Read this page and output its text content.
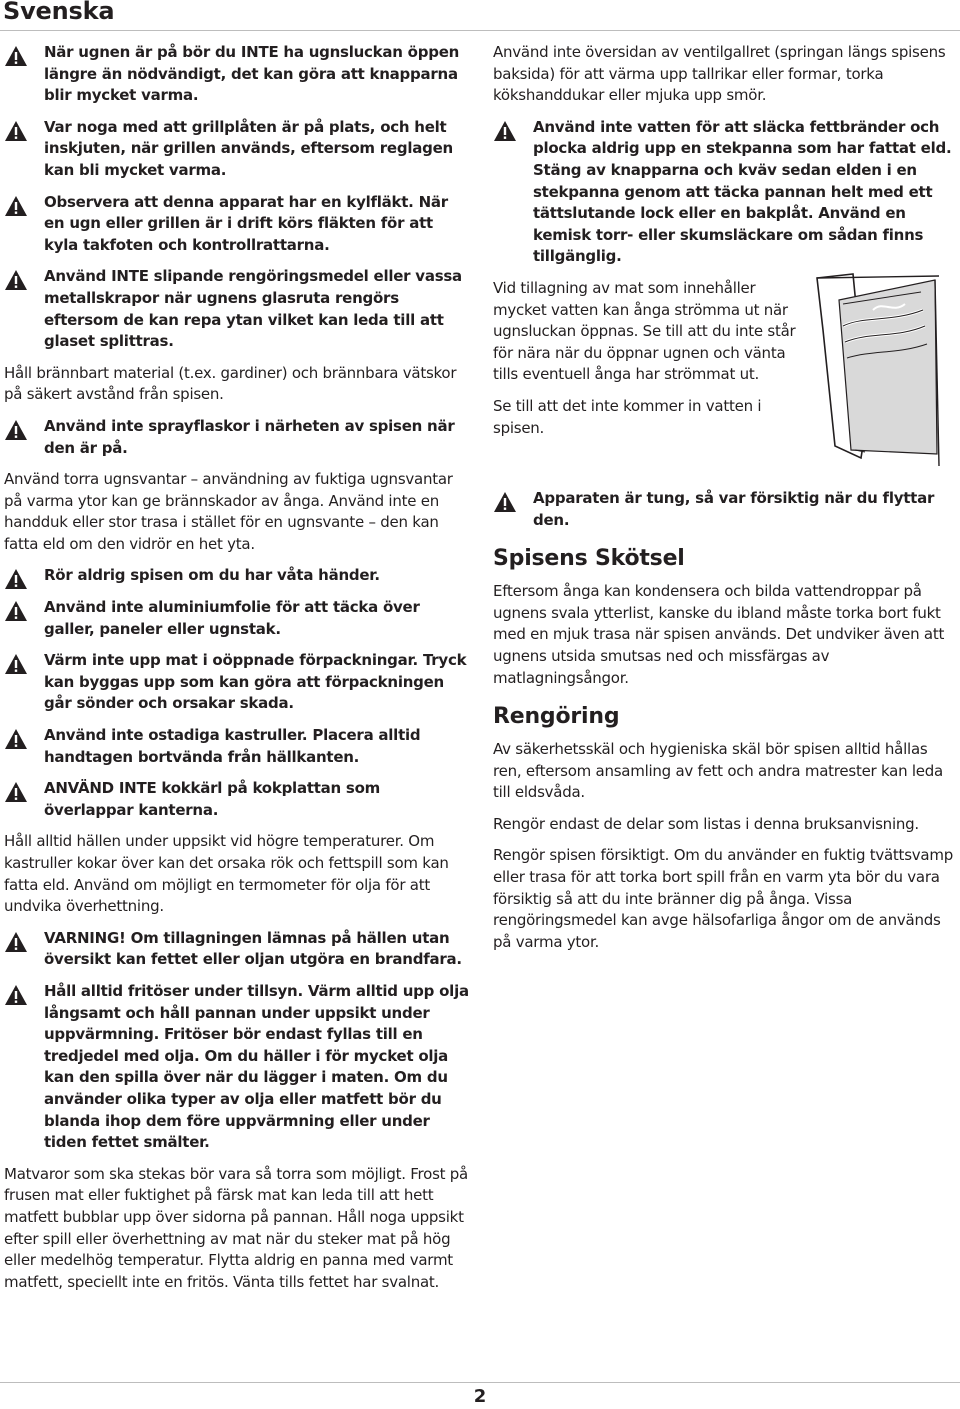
Svenska
När ugnen är på bör du INTE ha ugnsluckan öppen längre än nödvändigt, det kan göra att knapparna blir mycket varma.
Var noga med att grillplåten är på plats, och helt inskjuten, när grillen används, eftersom reglagen kan bli mycket varma.
Observera att denna apparat har en kylfläkt. När en ugn eller grillen är i drift körs fläkten för att kyla takfoten och kontrollrattarna.
Använd INTE slipande rengöringsmedel eller vassa metallskrapor när ugnens glasruta rengörs eftersom de kan repa ytan vilket kan leda till att glaset splittras.

Håll brännbart material (t.ex. gardiner) och brännbara vätskor på säkert avstånd från spisen.

Använd inte sprayflaskor i närheten av spisen när den är på.

Använd torra ugnsvantar – användning av fuktiga ugnsvantar på varma ytor kan ge brännskador av ånga. Använd inte en handduk eller stor trasa i stället för en ugnsvante – den kan fatta eld om den vidrör en het yta.

Rör aldrig spisen om du har våta händer.
Använd inte aluminiumfolie för att täcka över galler, paneler eller ugnstak.
Värm inte upp mat i oöppnade förpackningar. Tryck kan byggas upp som kan göra att förpackningen går sönder och orsakar skada.
Använd inte ostadiga kastruller. Placera alltid handtagen bortvända från hällkanten.
ANVÄND INTE kokkärl på kokplattan som överlappar kanterna.

Håll alltid hällen under uppsikt vid högre temperaturer. Om kastruller kokar över kan det orsaka rök och fettspill som kan fatta eld. Använd om möjligt en termometer för olja för att undvika överhettning.

VARNING! Om tillagningen lämnas på hällen utan översikt kan fettet eller oljan utgöra en brandfara.
Håll alltid fritöser under tillsyn. Värm alltid upp olja långsamt och håll pannan under uppsikt under uppvärmning. Fritöser bör endast fyllas till en tredjedel med olja. Om du häller i för mycket olja kan den spilla över när du lägger i maten. Om du använder olika typer av olja eller matfett bör du blanda ihop dem före uppvärmning eller under tiden fettet smälter.

Matvaror som ska stekas bör vara så torra som möjligt. Frost på frusen mat eller fuktighet på färsk mat kan leda till att hett matfett bubblar upp över sidorna på pannan. Håll noga uppsikt efter spill eller överhettning av mat när du steker mat på hög eller medelhög temperatur. Flytta aldrig en panna med varmt matfett, speciellt inte en fritös. Vänta tills fettet har svalnat.

Använd inte översidan av ventilgallret (springan längs spisens baksida) för att värma upp tallrikar eller formar, torka kökshanddukar eller mjuka upp smör.

Använd inte vatten för att släcka fettbränder och plocka aldrig upp en stekpanna som har fattat eld. Stäng av knapparna och kväv sedan elden i en stekpanna genom att täcka pannan helt med ett tättslutande lock eller en bakplåt. Använd en kemisk torr- eller skumsläckare om sådan finns tillgänglig.

Vid tillagning av mat som innehåller mycket vatten kan ånga strömma ut när ugnsluckan öppnas. Se till att du inte står för nära när du öppnar ugnen och vänta tills eventuell ånga har strömmat ut.

Se till att det inte kommer in vatten i spisen.

Apparaten är tung, så var försiktig när du flyttar den.
Spisens Skötsel

Eftersom ånga kan kondensera och bilda vattendroppar på ugnens svala ytterlist, kanske du ibland måste torka bort fukt med en mjuk trasa när spisen används. Det undviker även att ugnens utsida smutsas ned och missfärgas av matlagningsångor.

Rengöring

Av säkerhetsskäl och hygieniska skäl bör spisen alltid hållas ren, eftersom ansamling av fett och andra matrester kan leda till eldsvåda.

Rengör endast de delar som listas i denna bruksanvisning.

Rengör spisen försiktigt. Om du använder en fuktig tvättsvamp eller trasa för att torka bort spill från en varm yta bör du vara försiktig så att du inte bränner dig på ånga. Vissa rengöringsmedel kan avge hälsofarliga ångor om de används på varma ytor.

2
